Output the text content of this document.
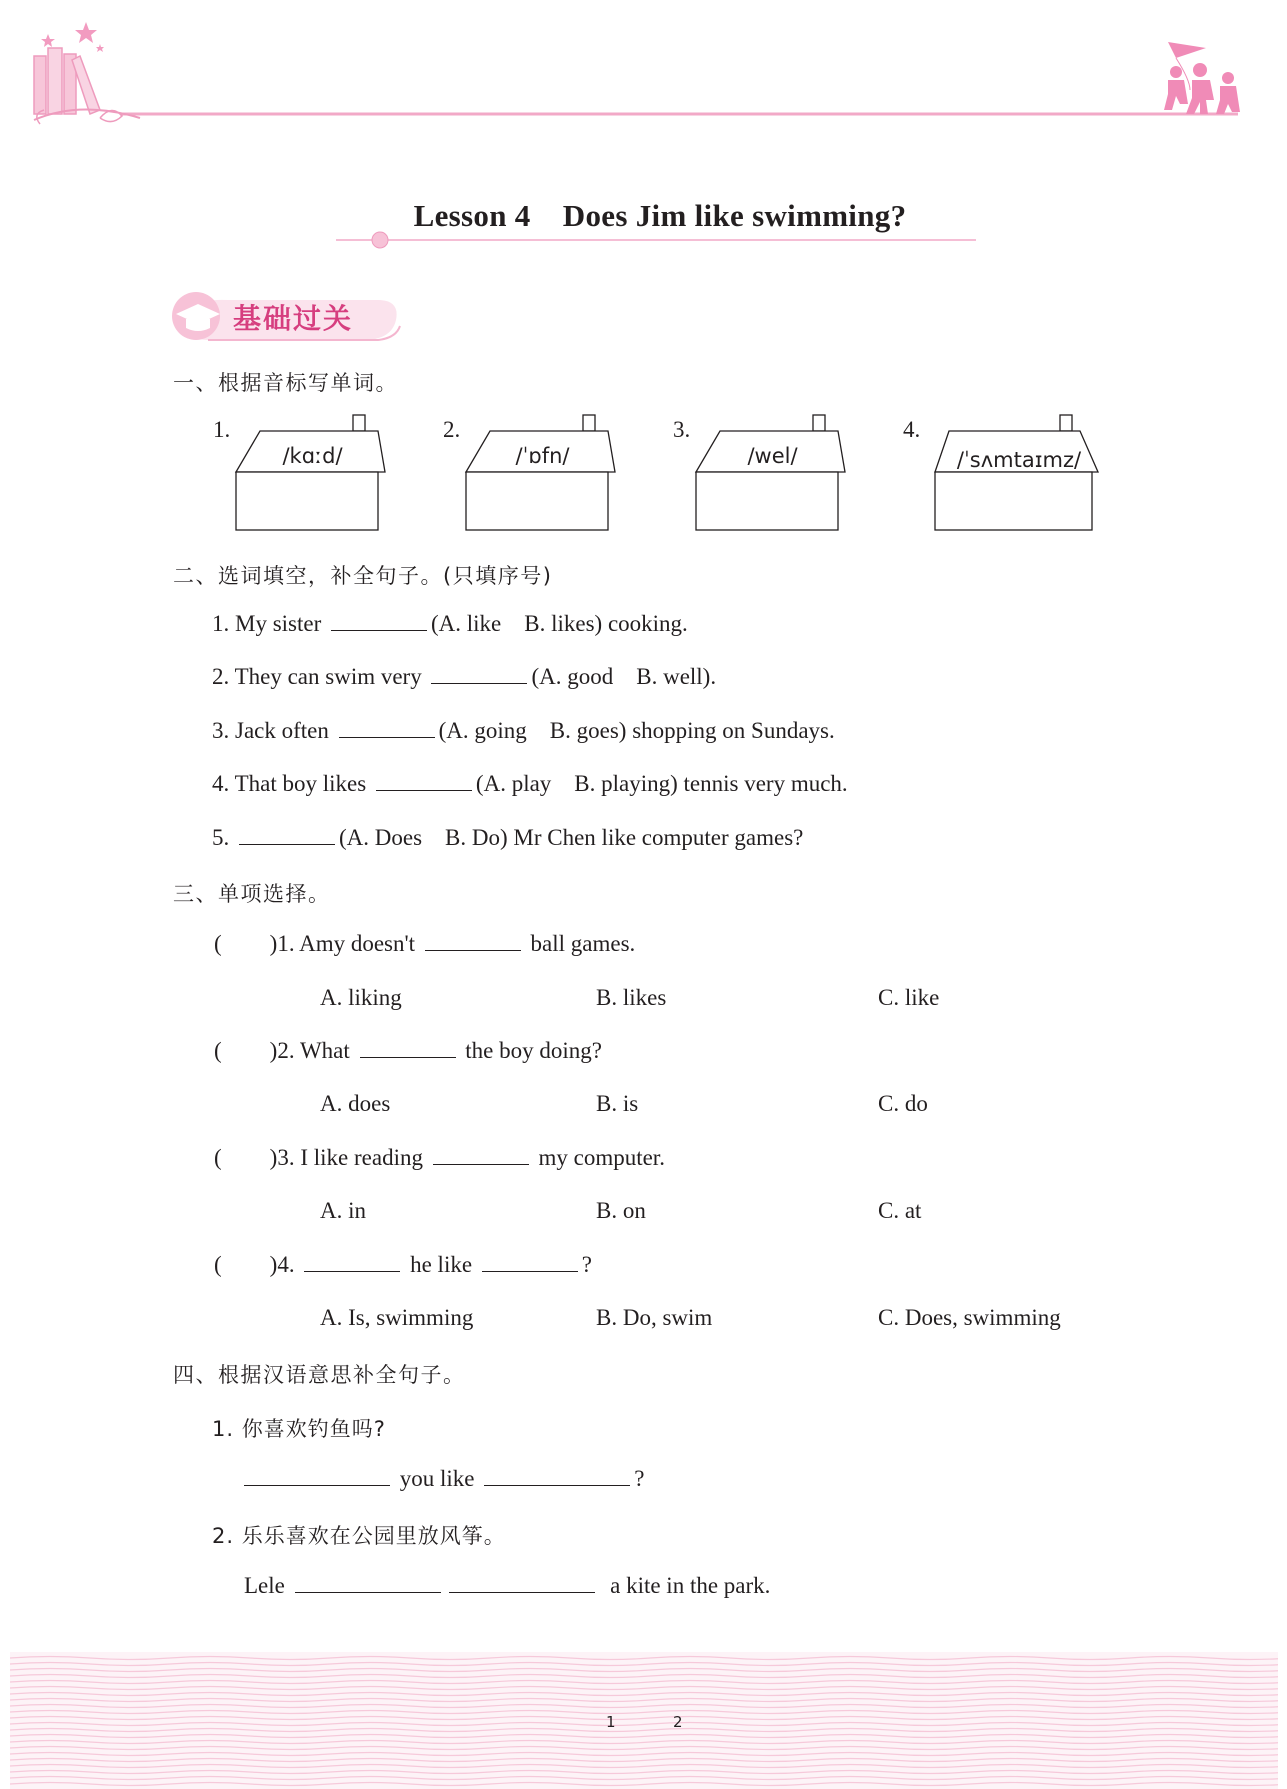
Lesson 4    Does Jim like swimming?
基础过关
一、根据音标写单词。
1.
/kɑːd/
2.
/ˈɒfn/
3.
/wel/
4.
/ˈsʌmtaɪmz/
二、选词填空，补全句子。(只填序号)
1. My sister	(A. like    B. likes) cooking.
2. They can swim very	(A. good    B. well).
3. Jack often	(A. going    B. goes) shopping on Sundays.
4. That boy likes	(A. play    B. playing) tennis very much.
5.	(A. Does    B. Do) Mr Chen like computer games?
三、单项选择。
( )1. Amy doesn't	ball games.
A. liking	B. likes	C. like
( )2. What	the boy doing?
A. does	B. is	C. do
( )3. I like reading	my computer.
A. in	B. on	C. at
( )4.	he like	?
A. Is, swimming	B. Do, swim	C. Does, swimming
四、根据汉语意思补全句子。
1. 你喜欢钓鱼吗?
you like	?
2. 乐乐喜欢在公园里放风筝。
Lele	a kite in the park.
1	2
